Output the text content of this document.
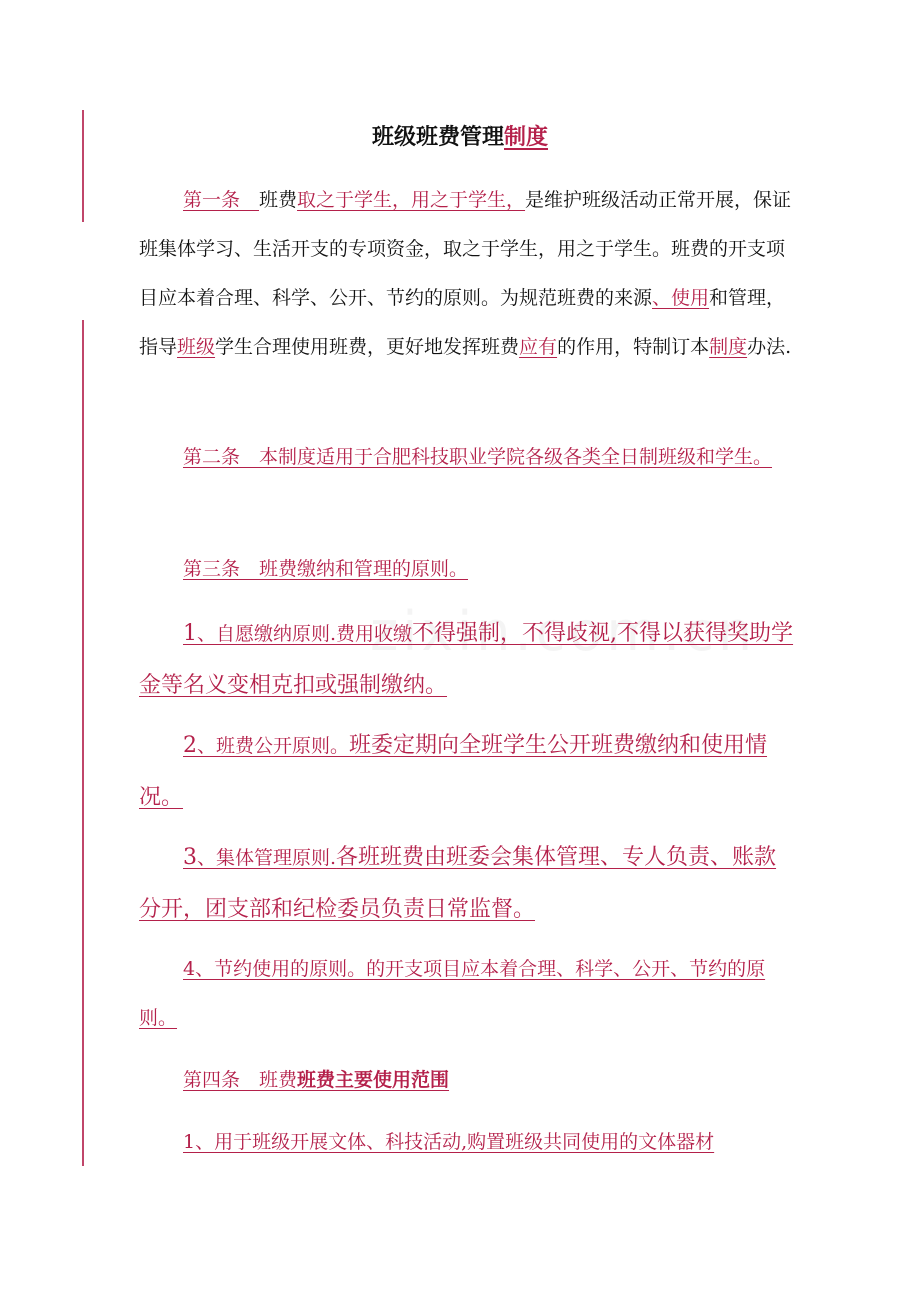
班级班费管理制度
第一条　班费取之于学生，用之于学生，是维护班级活动正常开展，保证班集体学习、生活开支的专项资金，取之于学生，用之于学生。班费的开支项目应本着合理、科学、公开、节约的原则。为规范班费的来源、使用和管理，指导班级学生合理使用班费，更好地发挥班费应有的作用，特制订本制度办法.
第二条　本制度适用于合肥科技职业学院各级各类全日制班级和学生。
第三条　班费缴纳和管理的原则。
1、自愿缴纳原则.费用收缴不得强制，不得歧视,不得以获得奖助学金等名义变相克扣或强制缴纳。
2、班费公开原则。班委定期向全班学生公开班费缴纳和使用情况。
3、集体管理原则.各班班费由班委会集体管理、专人负责、账款分开，团支部和纪检委员负责日常监督。
4、节约使用的原则。的开支项目应本着合理、科学、公开、节约的原则。
第四条　班费班费主要使用范围
1、用于班级开展文体、科技活动,购置班级共同使用的文体器材
